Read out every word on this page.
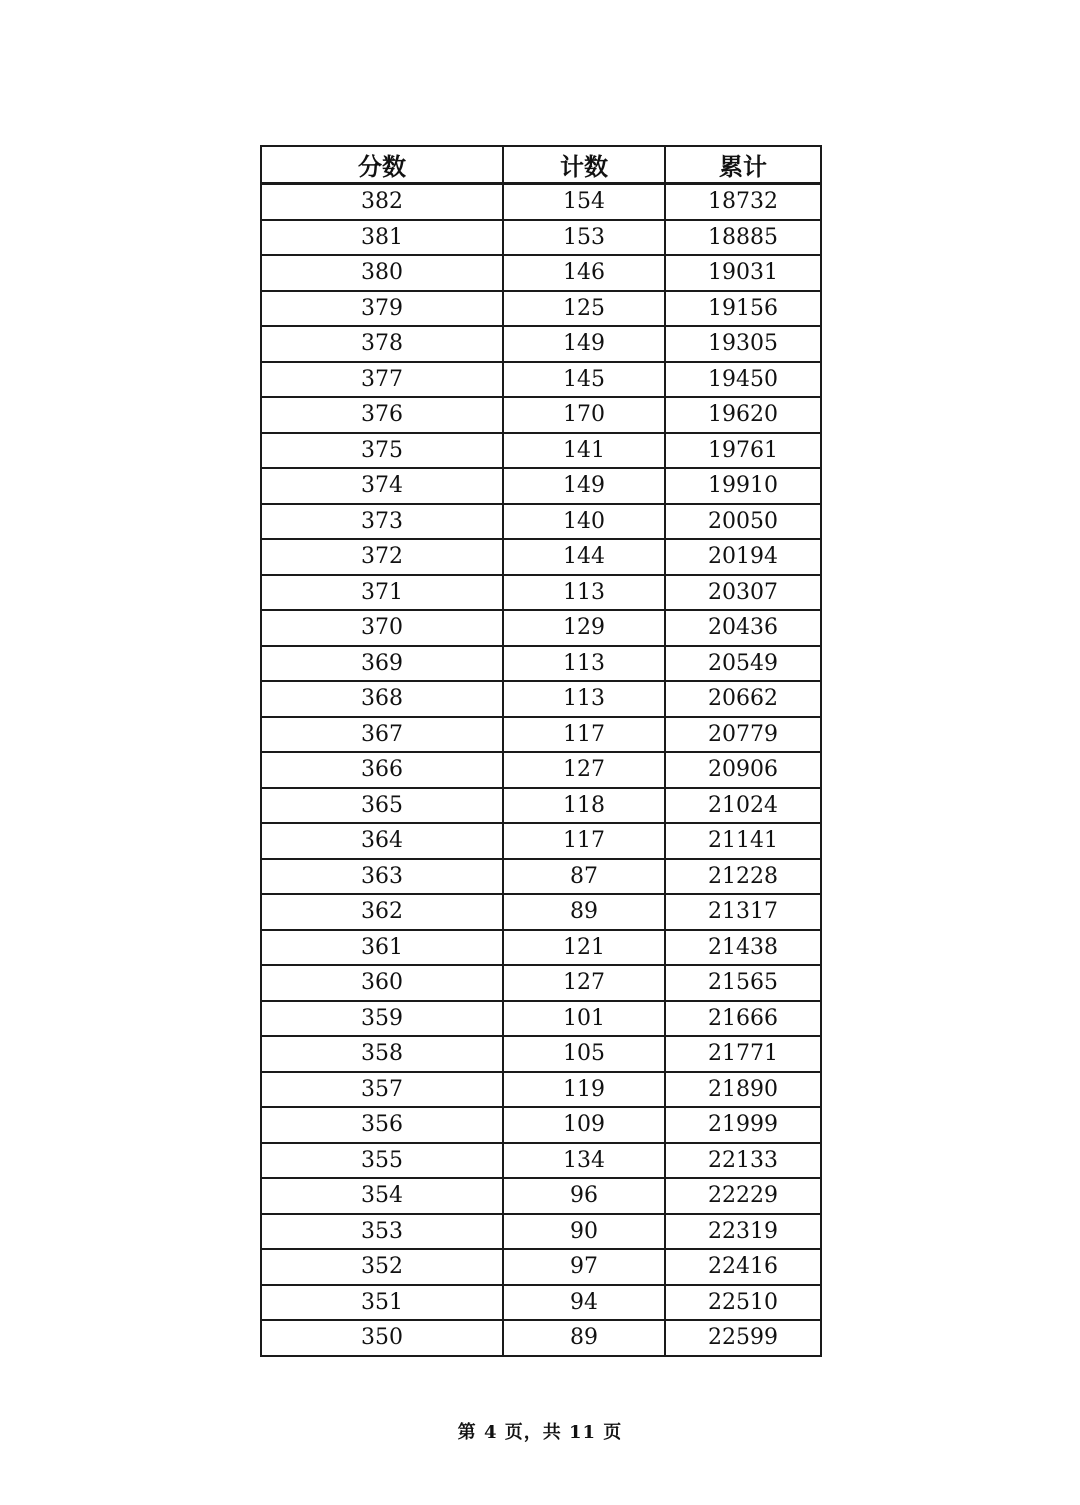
分数	计数	累计
382	154	18732
381	153	18885
380	146	19031
379	125	19156
378	149	19305
377	145	19450
376	170	19620
375	141	19761
374	149	19910
373	140	20050
372	144	20194
371	113	20307
370	129	20436
369	113	20549
368	113	20662
367	117	20779
366	127	20906
365	118	21024
364	117	21141
363	87	21228
362	89	21317
361	121	21438
360	127	21565
359	101	21666
358	105	21771
357	119	21890
356	109	21999
355	134	22133
354	96	22229
353	90	22319
352	97	22416
351	94	22510
350	89	22599
第 4 页，共 11 页
